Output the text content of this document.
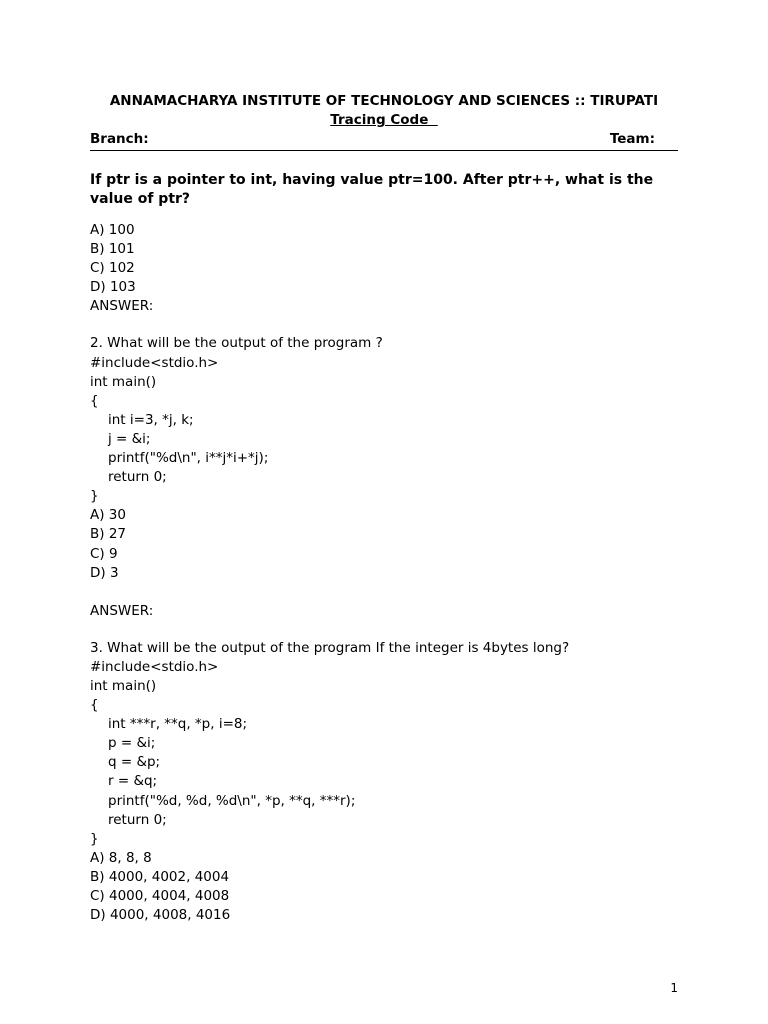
ANNAMACHARYA INSTITUTE OF TECHNOLOGY AND SCIENCES :: TIRUPATI
Tracing Code
Branch:	Team:
If ptr is a pointer to int, having value ptr=100. After ptr++, what is the value of ptr?
A) 100
B) 101
C) 102
D) 103
ANSWER:
2. What will be the output of the program ?
#include<stdio.h>
int main()
{
int i=3, *j, k;
j = &i;
printf("%d\n", i**j*i+*j);
return 0;
}
A) 30
B) 27
C) 9
D) 3
ANSWER:
3. What will be the output of the program If the integer is 4bytes long?
#include<stdio.h>
int main()
{
int ***r, **q, *p, i=8;
p = &i;
q = &p;
r = &q;
printf("%d, %d, %d\n", *p, **q, ***r);
return 0;
}
A) 8, 8, 8
B) 4000, 4002, 4004
C) 4000, 4004, 4008
D) 4000, 4008, 4016
1
